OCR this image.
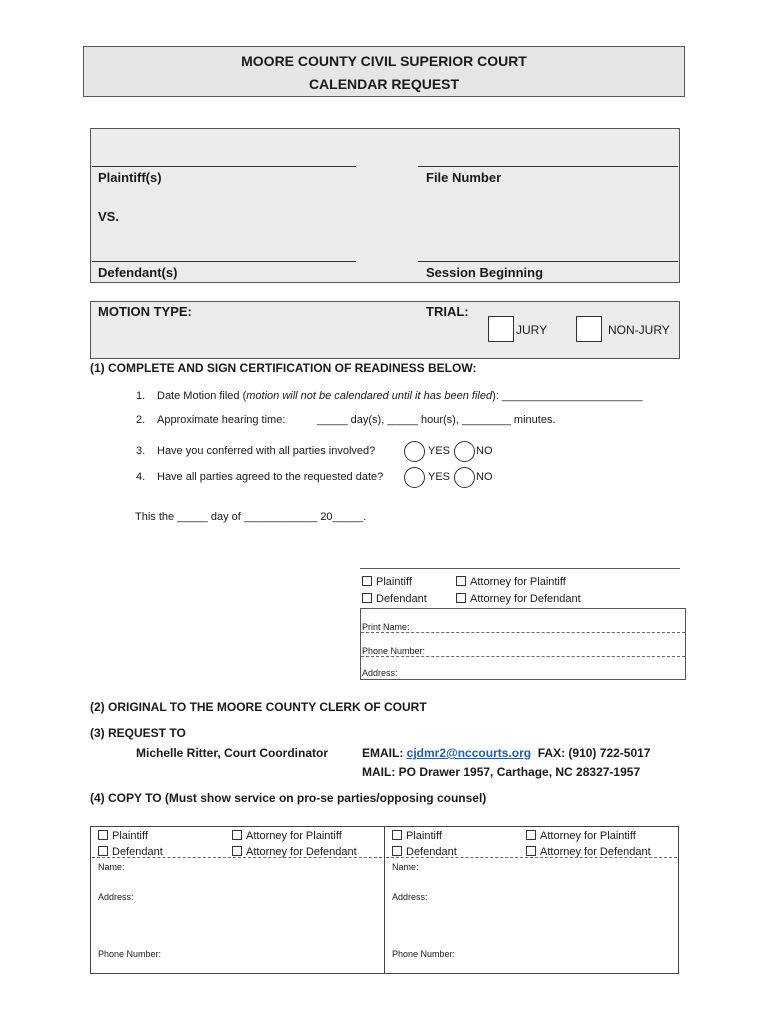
MOORE COUNTY CIVIL SUPERIOR COURT
CALENDAR REQUEST
Plaintiff(s)	File Number
VS.
Defendant(s)	Session Beginning
MOTION TYPE:	TRIAL:
JURY	NON-JURY
(1) COMPLETE AND SIGN CERTIFICATION OF READINESS BELOW:
1. Date Motion filed (motion will not be calendared until it has been filed): _______________________
2. Approximate hearing time:	_____ day(s), _____ hour(s), ________ minutes.
3. Have you conferred with all parties involved?	YES NO
4. Have all parties agreed to the requested date?	YES NO
This the _____ day of ____________ 20_____.
Plaintiff	Attorney for Plaintiff
Defendant	Attorney for Defendant
Print Name:
Phone Number:
Address:
(2) ORIGINAL TO THE MOORE COUNTY CLERK OF COURT
(3) REQUEST TO
Michelle Ritter, Court Coordinator	EMAIL: cjdmr2@nccourts.org FAX: (910) 722-5017
MAIL: PO Drawer 1957, Carthage, NC 28327-1957
(4) COPY TO (Must show service on pro-se parties/opposing counsel)
Plaintiff	Attorney for Plaintiff
Defendant	Attorney for Defendant
Name:
Address:
Phone Number:
Plaintiff	Attorney for Plaintiff
Defendant	Attorney for Defendant
Name:
Address:
Phone Number:
